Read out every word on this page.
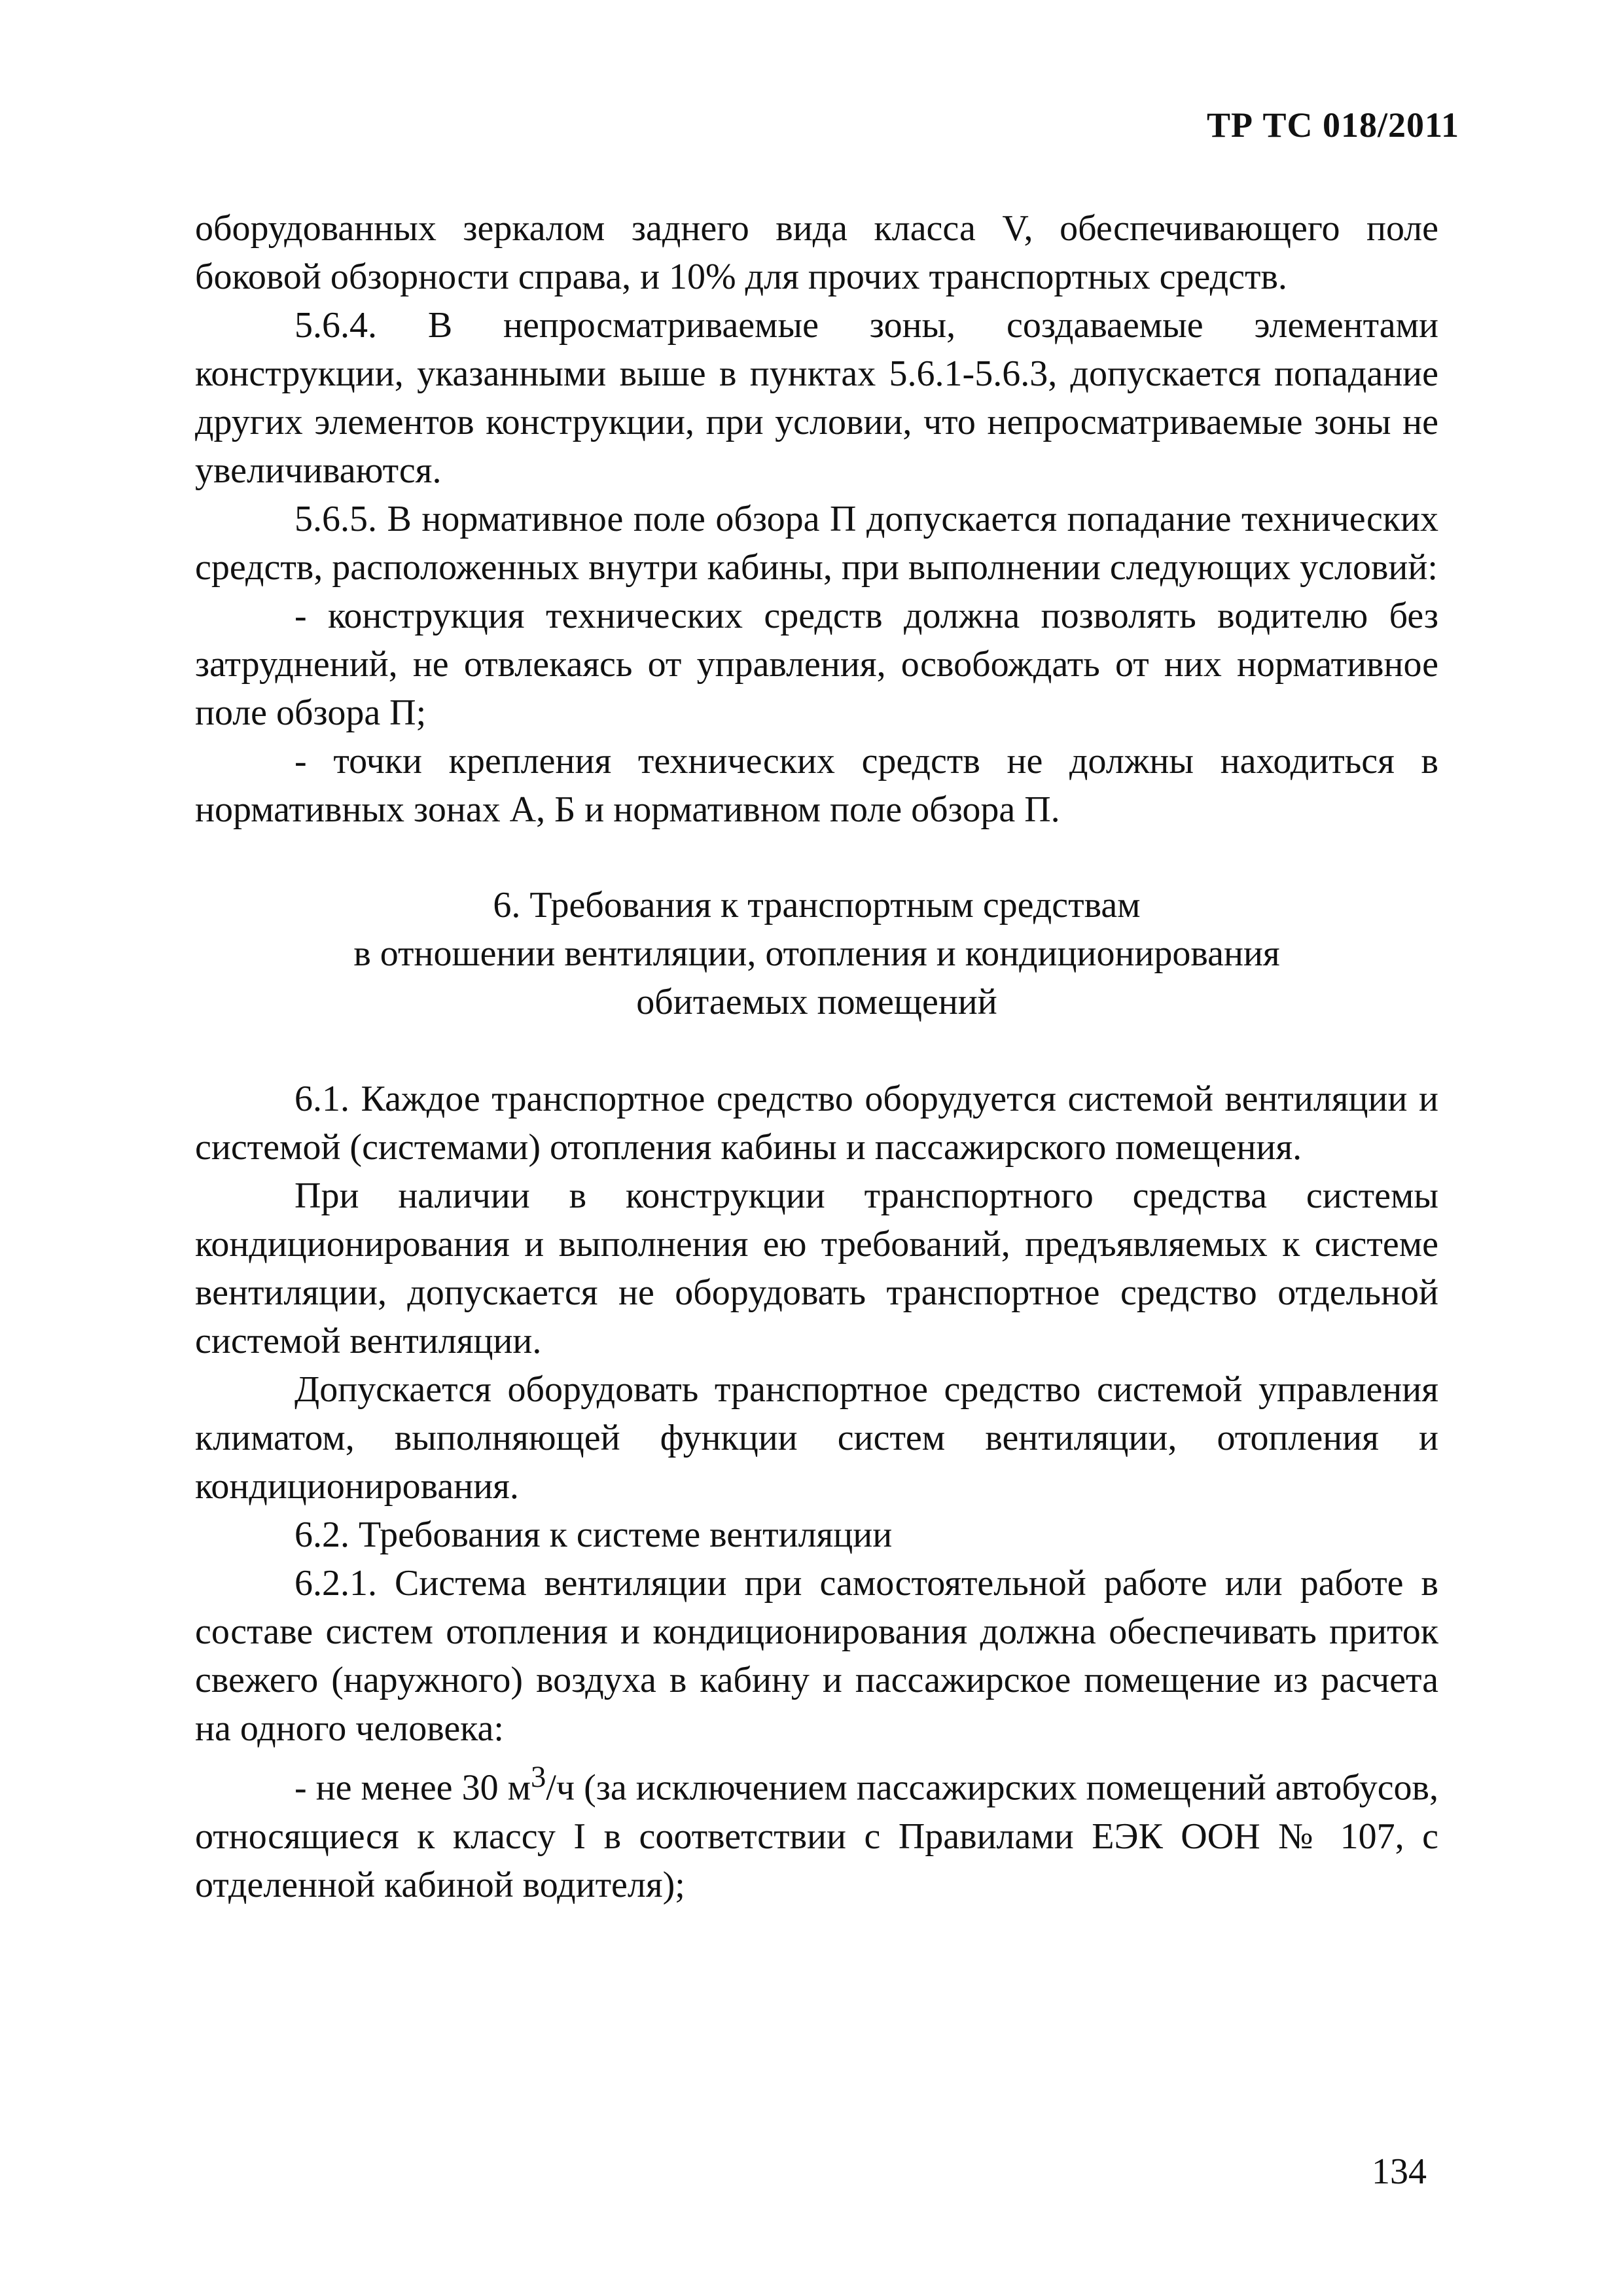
ТР ТС 018/2011

оборудованных зеркалом заднего вида класса V, обеспечивающего поле боковой обзорности справа, и 10% для прочих транспортных средств.

5.6.4. В непросматриваемые зоны, создаваемые элементами конструкции, указанными выше в пунктах 5.6.1-5.6.3, допускается попадание других элементов конструкции, при условии, что непросматриваемые зоны не увеличиваются.

5.6.5. В нормативное поле обзора П допускается попадание технических средств, расположенных внутри кабины, при выполнении следующих условий:

- конструкция технических средств должна позволять водителю без затруднений, не отвлекаясь от управления, освобождать от них нормативное поле обзора П;

- точки крепления технических средств не должны находиться в нормативных зонах А, Б и нормативном поле обзора П.

6. Требования к транспортным средствам
в отношении вентиляции, отопления и кондиционирования
обитаемых помещений

6.1. Каждое транспортное средство оборудуется системой вентиляции и системой (системами) отопления кабины и пассажирского помещения.

При наличии в конструкции транспортного средства системы кондиционирования и выполнения ею требований, предъявляемых к системе вентиляции, допускается не оборудовать транспортное средство отдельной системой вентиляции.

Допускается оборудовать транспортное средство системой управления климатом, выполняющей функции систем вентиляции, отопления и кондиционирования.

6.2. Требования к системе вентиляции

6.2.1. Система вентиляции при самостоятельной работе или работе в составе систем отопления и кондиционирования должна обеспечивать приток свежего (наружного) воздуха в кабину и пассажирское помещение из расчета на одного человека:

- не менее 30 $м^3/ч$ (за исключением пассажирских помещений автобусов, относящиеся к классу I в соответствии с Правилами ЕЭК ООН № 107, с отделенной кабиной водителя);

134
